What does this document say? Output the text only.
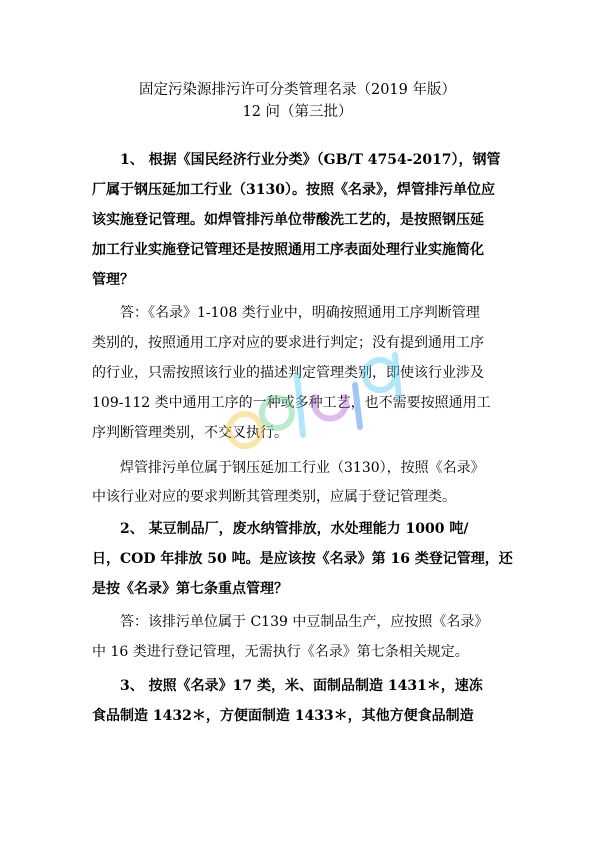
固定污染源排污许可分类管理名录（2019 年版）
12 问（第三批）
1、 根据《国民经济行业分类》（GB/T 4754-2017），钢管
厂属于钢压延加工行业（3130）。按照《名录》，焊管排污单位应
该实施登记管理。如焊管排污单位带酸洗工艺的，是按照钢压延
加工行业实施登记管理还是按照通用工序表面处理行业实施简化
管理？
答：《名录》1-108 类行业中，明确按照通用工序判断管理
类别的，按照通用工序对应的要求进行判定；没有提到通用工序
的行业，只需按照该行业的描述判定管理类别，即使该行业涉及
109-112 类中通用工序的一种或多种工艺，也不需要按照通用工
序判断管理类别，不交叉执行。
焊管排污单位属于钢压延加工行业（3130），按照《名录》
中该行业对应的要求判断其管理类别，应属于登记管理类。
2、 某豆制品厂，废水纳管排放，水处理能力 1000 吨/
日，COD 年排放 50 吨。是应该按《名录》第 16 类登记管理，还
是按《名录》第七条重点管理？
答：该排污单位属于 C139 中豆制品生产，应按照《名录》
中 16 类进行登记管理，无需执行《名录》第七条相关规定。
3、 按照《名录》17 类，米、面制品制造 1431＊，速冻
食品制造 1432＊，方便面制造 1433＊，其他方便食品制造
